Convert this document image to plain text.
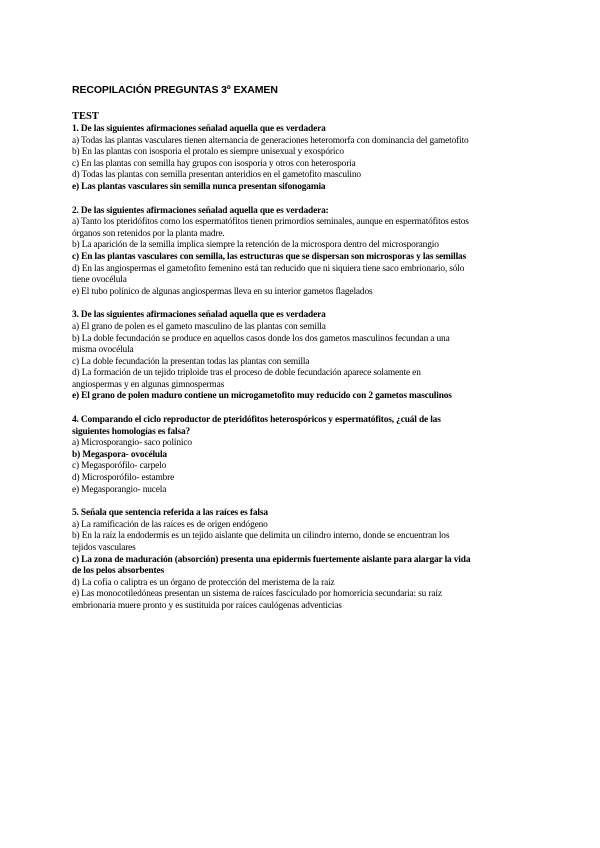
RECOPILACIÓN PREGUNTAS 3º EXAMEN
TEST
1. De las siguientes afirmaciones señalad aquella que es verdadera
a) Todas las plantas vasculares tienen alternancia de generaciones heteromorfa con dominancia del gametofito
b) En las plantas con isosporia el protalo es siempre unisexual y exospórico
c) En las plantas con semilla hay grupos con isosporia y otros con heterosporia
d) Todas las plantas con semilla presentan anteridios en el gametofito masculino
e) Las plantas vasculares sin semilla nunca presentan sifonogamia
2. De las siguientes afirmaciones señalad aquella que es verdadera:
a) Tanto los pteridófitos como los espermatófitos tienen primordios seminales, aunque en espermatófitos estos órganos son retenidos por la planta madre.
b) La aparición de la semilla implica siempre la retención de la microspora dentro del microsporangio
c) En las plantas vasculares con semilla, las estructuras que se dispersan son microsporas y las semillas
d) En las angiospermas el gametofito femenino está tan reducido que ni siquiera tiene saco embrionario, sólo tiene ovocélula
e) El tubo polínico de algunas angiospermas lleva en su interior gametos flagelados
3. De las siguientes afirmaciones señalad aquella que es verdadera
a) El grano de polen es el gameto masculino de las plantas con semilla
b) La doble fecundación se produce en aquellos casos donde los dos gametos masculinos fecundan a una misma ovocélula
c) La doble fecundación la presentan todas las plantas con semilla
d) La formación de un tejido triploide tras el proceso de doble fecundación aparece solamente en angiospermas y en algunas gimnospermas
e) El grano de polen maduro contiene un microgametofito muy reducido con 2 gametos masculinos
4. Comparando el ciclo reproductor de pteridófitos heterospóricos y espermatófitos, ¿cuál de las siguientes homologías es falsa?
a) Microsporangio- saco polínico
b) Megaspora- ovocélula
c) Megasporófilo- carpelo
d) Microsporófilo- estambre
e) Megasporangio- nucela
5. Señala que sentencia referida a las raíces es falsa
a) La ramificación de las raíces es de origen endógeno
b) En la raíz la endodermis es un tejido aislante que delimita un cilindro interno, donde se encuentran los tejidos vasculares
c) La zona de maduración (absorción) presenta una epidermis fuertemente aislante para alargar la vida de los pelos absorbentes
d) La cofia o caliptra es un órgano de protección del meristema de la raíz
e) Las monocotiledóneas presentan un sistema de raíces fasciculado por homorricia secundaria: su raíz embrionaria muere pronto y es sustituida por raíces caulógenas adventicias
